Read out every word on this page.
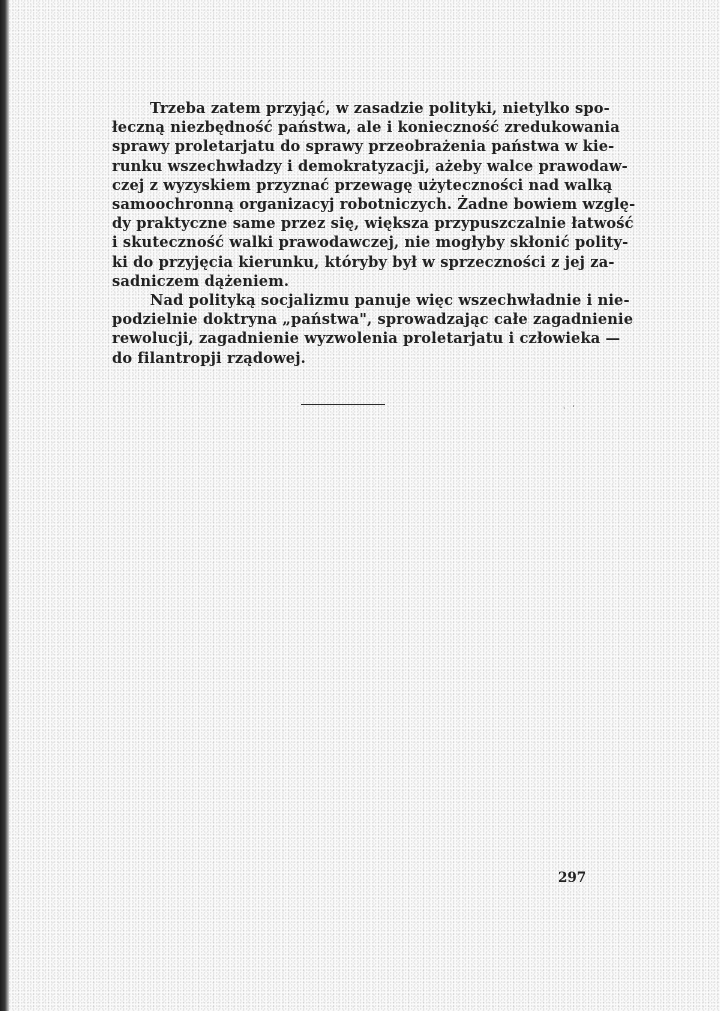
Trzeba zatem przyjąć, w zasadzie polityki, nietylko spo-
łeczną niezbędność państwa, ale i konieczność zredukowania
sprawy proletarjatu do sprawy przeobrażenia państwa w kie-
runku wszechwładzy i demokratyzacji, ażeby walce prawodaw-
czej z wyzyskiem przyznać przewagę użyteczności nad walką
samoochronną organizacyj robotniczych. Żadne bowiem wzglę-
dy praktyczne same przez się, większa przypuszczalnie łatwość
i skuteczność walki prawodawczej, nie mogłyby skłonić polity-
ki do przyjęcia kierunku, któryby był w sprzeczności z jej za-
sadniczem dążeniem.

Nad polityką socjalizmu panuje więc wszechwładnie i nie-
podzielnie doktryna „państwa", sprowadzając całe zagadnienie
rewolucji, zagadnienie wyzwolenia proletarjatu i człowieka —
do filantropji rządowej.

· ‘
297
